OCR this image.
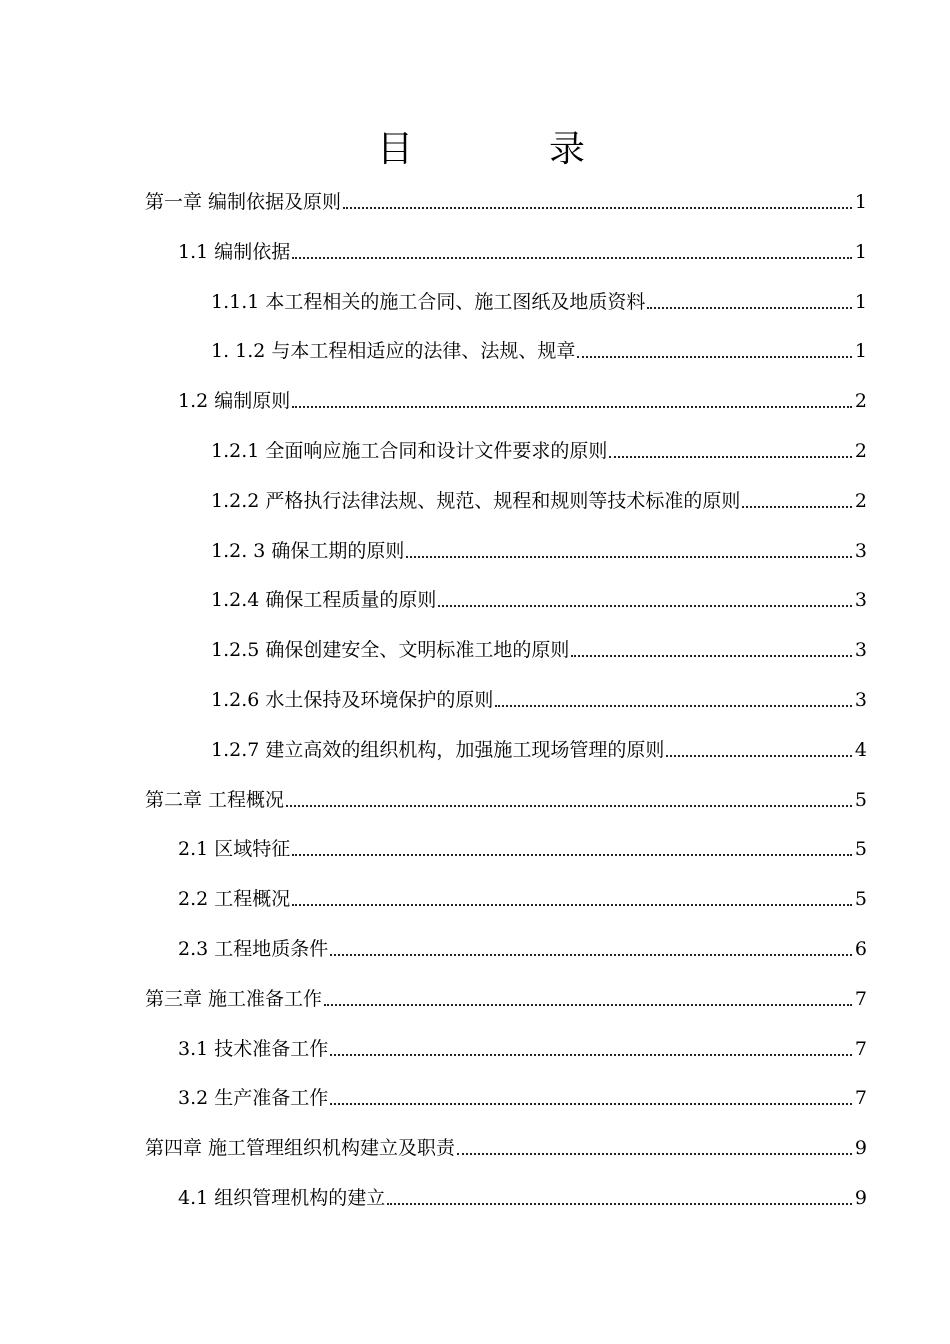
目　录
第一章 编制依据及原则	1
1.1 编制依据	1
1.1.1 本工程相关的施工合同、施工图纸及地质资料	1
1. 1.2 与本工程相适应的法律、法规、规章	1
1.2 编制原则	2
1.2.1 全面响应施工合同和设计文件要求的原则	2
1.2.2 严格执行法律法规、规范、规程和规则等技术标准的原则	2
1.2. 3 确保工期的原则	3
1.2.4 确保工程质量的原则	3
1.2.5 确保创建安全、文明标准工地的原则	3
1.2.6 水土保持及环境保护的原则	3
1.2.7 建立高效的组织机构，加强施工现场管理的原则	4
第二章 工程概况	5
2.1 区域特征	5
2.2 工程概况	5
2.3 工程地质条件	6
第三章 施工准备工作	7
3.1 技术准备工作	7
3.2 生产准备工作	7
第四章 施工管理组织机构建立及职责	9
4.1 组织管理机构的建立	9
